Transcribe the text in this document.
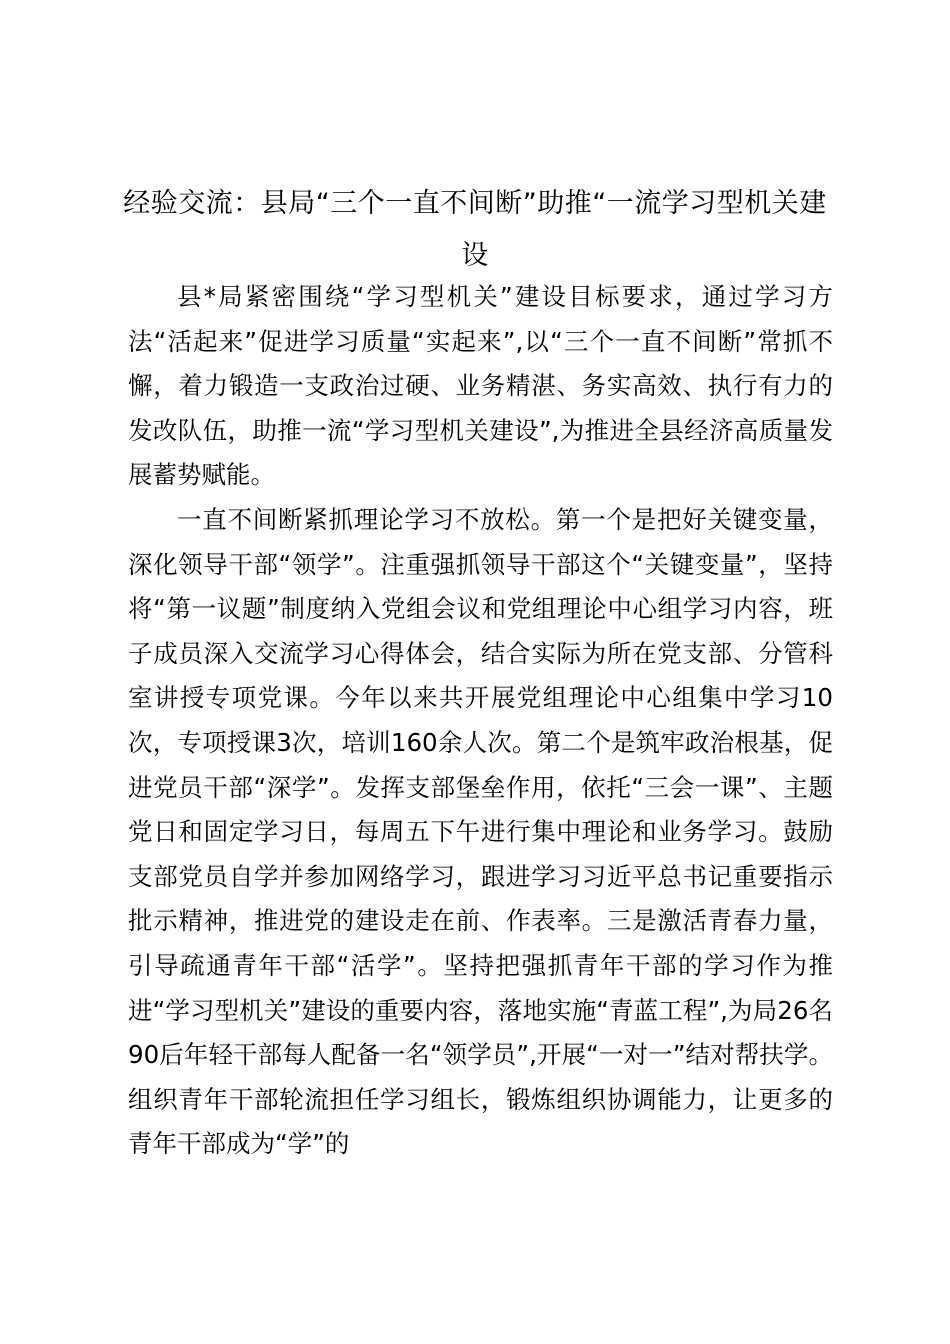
经验交流：县局“三个一直不间断”助推“一流学习型机关建设

县*局紧密围绕“学习型机关”建设目标要求，通过学习方法“活起来”促进学习质量“实起来”,以“三个一直不间断”常抓不懈，着力锻造一支政治过硬、业务精湛、务实高效、执行有力的发改队伍，助推一流“学习型机关建设”,为推进全县经济高质量发展蓄势赋能。

一直不间断紧抓理论学习不放松。第一个是把好关键变量，深化领导干部“领学”。注重强抓领导干部这个“关键变量”，坚持将“第一议题”制度纳入党组会议和党组理论中心组学习内容，班子成员深入交流学习心得体会，结合实际为所在党支部、分管科室讲授专项党课。今年以来共开展党组理论中心组集中学习10次，专项授课3次，培训160余人次。第二个是筑牢政治根基，促进党员干部“深学”。发挥支部堡垒作用，依托“三会一课”、主题党日和固定学习日，每周五下午进行集中理论和业务学习。鼓励支部党员自学并参加网络学习，跟进学习习近平总书记重要指示批示精神，推进党的建设走在前、作表率。三是激活青春力量，引导疏通青年干部“活学”。坚持把强抓青年干部的学习作为推进“学习型机关”建设的重要内容，落地实施“青蓝工程”,为局26名90后年轻干部每人配备一名“领学员”,开展“一对一”结对帮扶学。组织青年干部轮流担任学习组长，锻炼组织协调能力，让更多的青年干部成为“学”的
